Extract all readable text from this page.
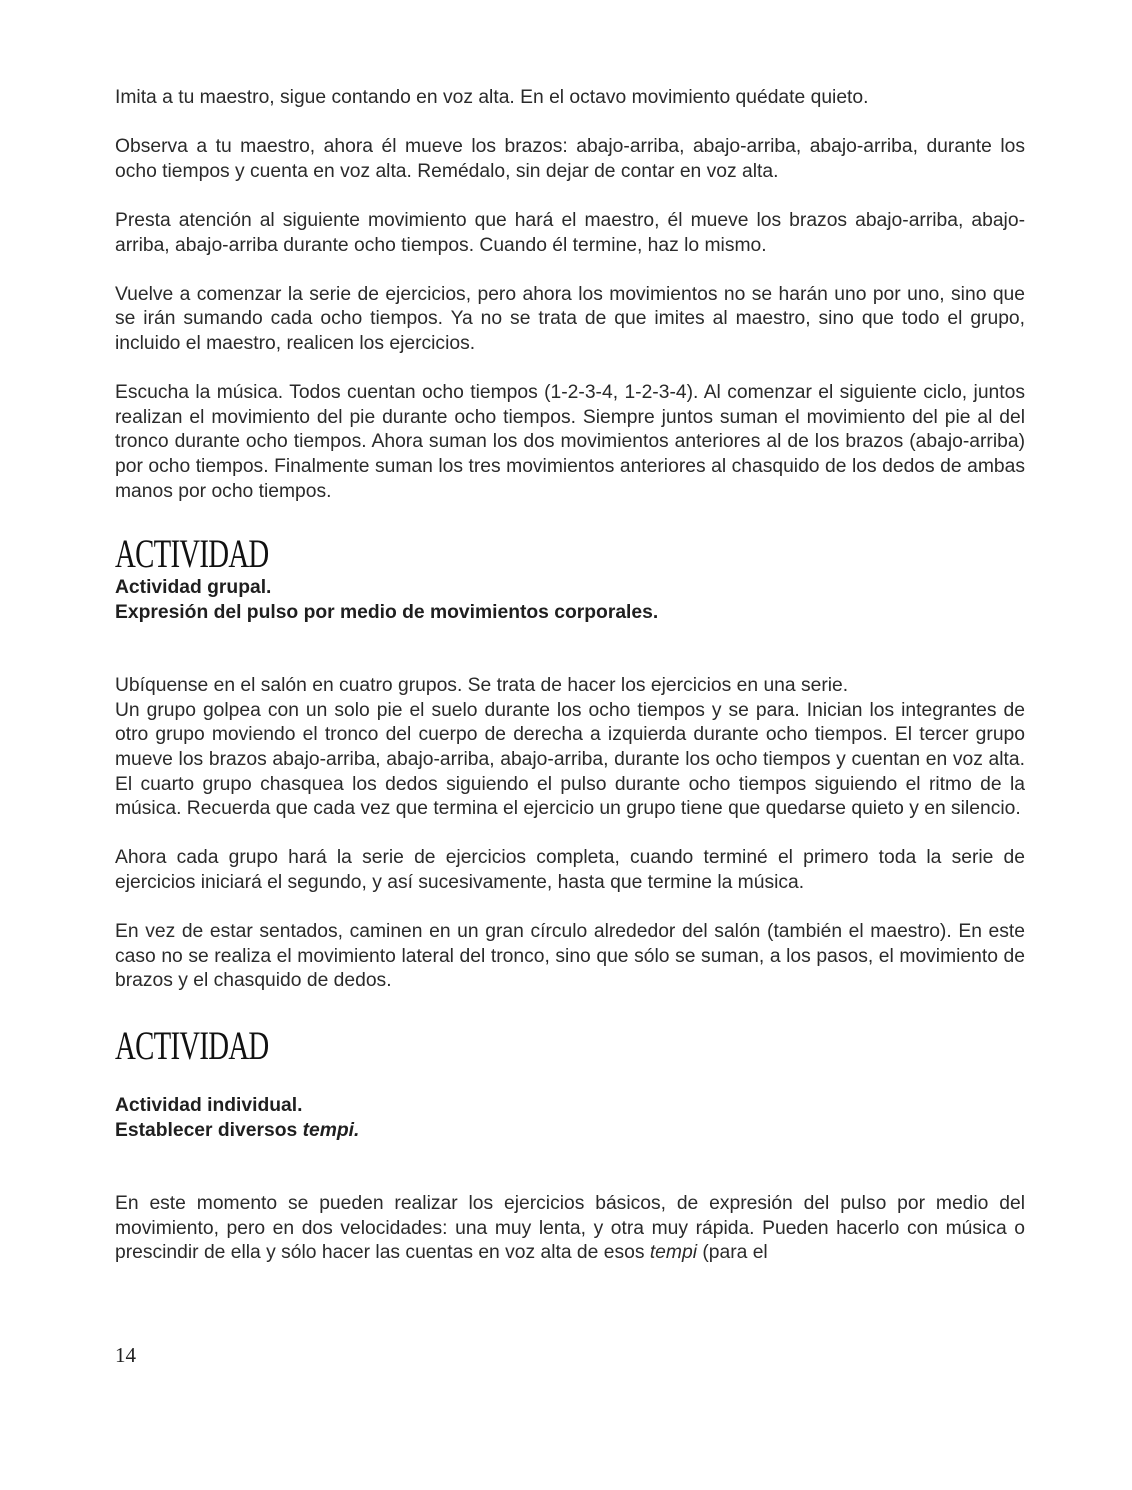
Imita a tu maestro, sigue contando en voz alta. En el octavo movimiento quédate quieto.

Observa a tu maestro, ahora él mueve los brazos: abajo-arriba, abajo-arriba, abajo-arriba, durante los ocho tiempos y cuenta en voz alta. Remédalo, sin dejar de contar en voz alta.

Presta atención al siguiente movimiento que hará el maestro, él mueve los brazos abajo-arriba, abajo-arriba, abajo-arriba durante ocho tiempos. Cuando él termine, haz lo mismo.

Vuelve a comenzar la serie de ejercicios, pero ahora los movimientos no se harán uno por uno, sino que se irán sumando cada ocho tiempos. Ya no se trata de que imites al maestro, sino que todo el grupo, incluido el maestro, realicen los ejercicios.

Escucha la música. Todos cuentan ocho tiempos (1-2-3-4, 1-2-3-4). Al comenzar el siguiente ciclo, juntos realizan el movimiento del pie durante ocho tiempos. Siempre juntos suman el movimiento del pie al del tronco durante ocho tiempos. Ahora suman los dos movimientos anteriores al de los brazos (abajo-arriba) por ocho tiempos. Finalmente suman los tres movimientos anteriores al chasquido de los dedos de ambas manos por ocho tiempos.

ACTIVIDAD

Actividad grupal.

Expresión del pulso por medio de movimientos corporales.

Ubíquense en el salón en cuatro grupos. Se trata de hacer los ejercicios en una serie.

Un grupo golpea con un solo pie el suelo durante los ocho tiempos y se para. Inician los integrantes de otro grupo moviendo el tronco del cuerpo de derecha a izquierda durante ocho tiempos. El tercer grupo mueve los brazos abajo-arriba, abajo-arriba, abajo-arriba, durante los ocho tiempos y cuentan en voz alta. El cuarto grupo chasquea los dedos siguiendo el pulso durante ocho tiempos siguiendo el ritmo de la música. Recuerda que cada vez que termina el ejercicio un grupo tiene que quedarse quieto y en silencio.

Ahora cada grupo hará la serie de ejercicios completa, cuando terminé el primero toda la serie de ejercicios iniciará el segundo, y así sucesivamente, hasta que termine la música.

En vez de estar sentados, caminen en un gran círculo alrededor del salón (también el maestro). En este caso no se realiza el movimiento lateral del tronco, sino que sólo se suman, a los pasos, el movimiento de brazos y el chasquido de dedos.

ACTIVIDAD

Actividad individual.

Establecer diversos tempi.

En este momento se pueden realizar los ejercicios básicos, de expresión del pulso por medio del movimiento, pero en dos velocidades: una muy lenta, y otra muy rápida. Pueden hacerlo con música o prescindir de ella y sólo hacer las cuentas en voz alta de esos tempi (para el

14
